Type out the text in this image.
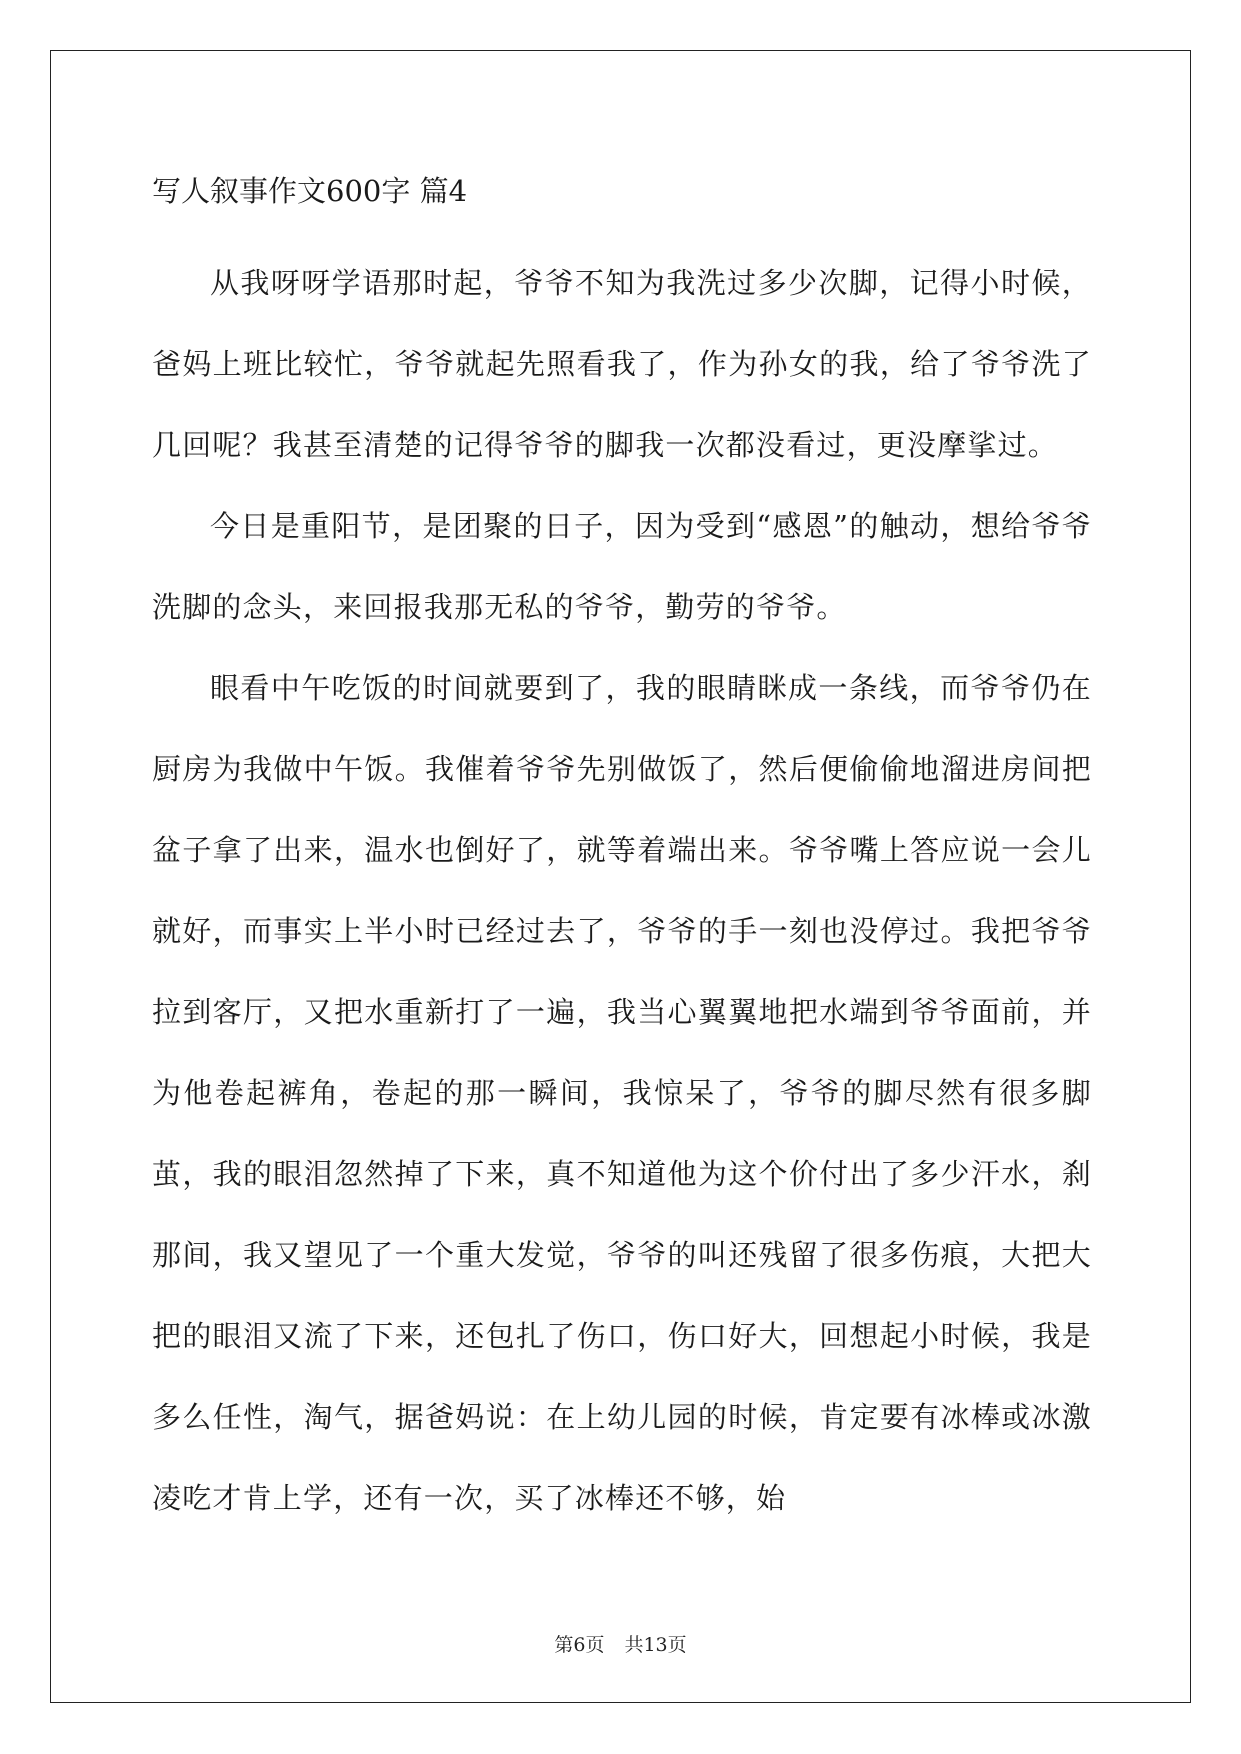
写人叙事作文600字 篇4

从我呀呀学语那时起，爷爷不知为我洗过多少次脚，记得小时候，爸妈上班比较忙，爷爷就起先照看我了，作为孙女的我，给了爷爷洗了几回呢？我甚至清楚的记得爷爷的脚我一次都没看过，更没摩挲过。

今日是重阳节，是团聚的日子，因为受到“感恩”的触动，想给爷爷洗脚的念头，来回报我那无私的爷爷，勤劳的爷爷。

眼看中午吃饭的时间就要到了，我的眼睛眯成一条线，而爷爷仍在厨房为我做中午饭。我催着爷爷先别做饭了，然后便偷偷地溜进房间把盆子拿了出来，温水也倒好了，就等着端出来。爷爷嘴上答应说一会儿就好，而事实上半小时已经过去了，爷爷的手一刻也没停过。我把爷爷拉到客厅，又把水重新打了一遍，我当心翼翼地把水端到爷爷面前，并为他卷起裤角，卷起的那一瞬间，我惊呆了，爷爷的脚尽然有很多脚茧，我的眼泪忽然掉了下来，真不知道他为这个价付出了多少汗水，刹那间，我又望见了一个重大发觉，爷爷的叫还残留了很多伤痕，大把大把的眼泪又流了下来，还包扎了伤口，伤口好大，回想起小时候，我是多么任性，淘气，据爸妈说：在上幼儿园的时候，肯定要有冰棒或冰激凌吃才肯上学，还有一次，买了冰棒还不够，始

第6页 共13页
